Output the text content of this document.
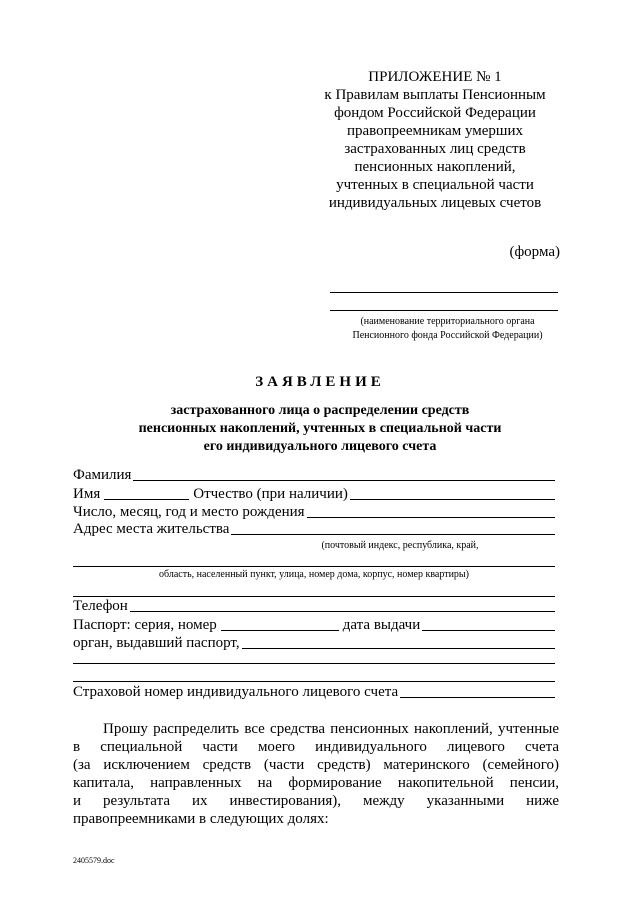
ПРИЛОЖЕНИЕ № 1
к Правилам выплаты Пенсионным
фондом Российской Федерации
правопреемникам умерших
застрахованных лиц средств
пенсионных накоплений,
учтенных в специальной части
индивидуальных лицевых счетов
(форма)
(наименование территориального органа
Пенсионного фонда Российской Федерации)
ЗАЯВЛЕНИЕ
застрахованного лица о распределении средств
пенсионных накоплений, учтенных в специальной части
его индивидуального лицевого счета
Фамилия
Имя	Отчество (при наличии)
Число, месяц, год и место рождения
Адрес места жительства
(почтовый индекс, республика, край,
область, населенный пункт, улица, номер дома, корпус, номер квартиры)
Телефон
Паспорт: серия, номер	дата выдачи
орган, выдавший паспорт,
Страховой номер индивидуального лицевого счета
Прошу распределить все средства пенсионных накоплений, учтенные
в специальной части моего индивидуального лицевого счета
(за исключением средств (части средств) материнского (семейного)
капитала, направленных на формирование накопительной пенсии,
и результата их инвестирования), между указанными ниже
правопреемниками в следующих долях:
2405579.doc
